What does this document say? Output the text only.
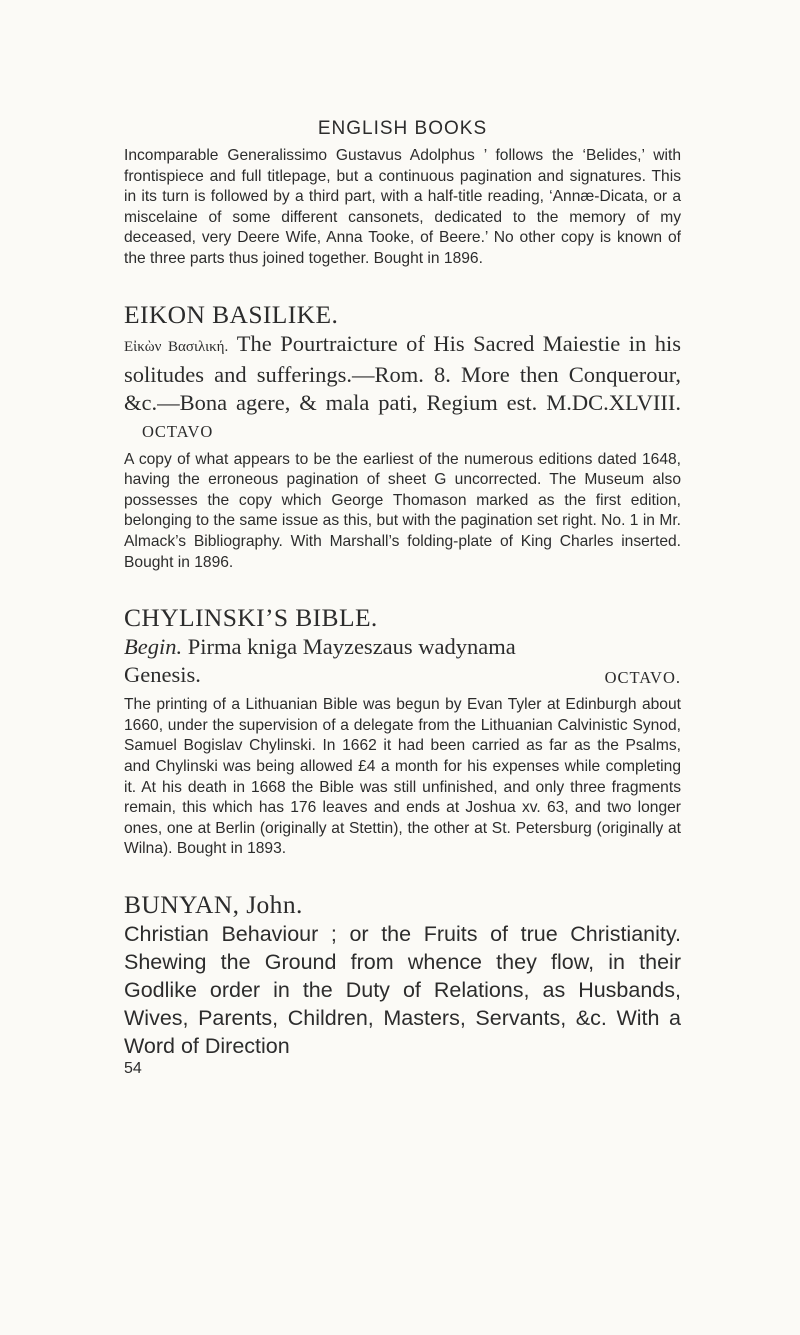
ENGLISH BOOKS

Incomparable Generalissimo Gustavus Adolphus ’ follows the ‘Belides,’ with frontispiece and full titlepage, but a continuous pagination and signatures. This in its turn is followed by a third part, with a half-title reading, ‘Annæ-Dicata, or a miscelaine of some different cansonets, dedicated to the memory of my deceased, very Deere Wife, Anna Tooke, of Beere.’ No other copy is known of the three parts thus joined together. Bought in 1896.

EIKON BASILIKE.
Εἰκὼν Βασιλική. The Pourtraicture of His Sacred Maiestie in his solitudes and sufferings.—Rom. 8. More then Conquerour, &c.—Bona agere, & mala pati, Regium est. M.DC.XLVIII. OCTAVO

A copy of what appears to be the earliest of the numerous editions dated 1648, having the erroneous pagination of sheet G uncorrected. The Museum also possesses the copy which George Thomason marked as the first edition, belonging to the same issue as this, but with the pagination set right. No. 1 in Mr. Almack’s Bibliography. With Marshall’s folding-plate of King Charles inserted. Bought in 1896.

CHYLINSKI’S BIBLE.
Begin. Pirma kniga Mayzeszaus wadynama
Genesis.	OCTAVO.

The printing of a Lithuanian Bible was begun by Evan Tyler at Edinburgh about 1660, under the supervision of a delegate from the Lithuanian Calvinistic Synod, Samuel Bogislav Chylinski. In 1662 it had been carried as far as the Psalms, and Chylinski was being allowed £4 a month for his expenses while completing it. At his death in 1668 the Bible was still unfinished, and only three fragments remain, this which has 176 leaves and ends at Joshua xv. 63, and two longer ones, one at Berlin (originally at Stettin), the other at St. Petersburg (originally at Wilna). Bought in 1893.

BUNYAN, John.

Christian Behaviour ; or the Fruits of true Christianity. Shewing the Ground from whence they flow, in their Godlike order in the Duty of Relations, as Husbands, Wives, Parents, Children, Masters, Servants, &c. With a Word of Direction

54
